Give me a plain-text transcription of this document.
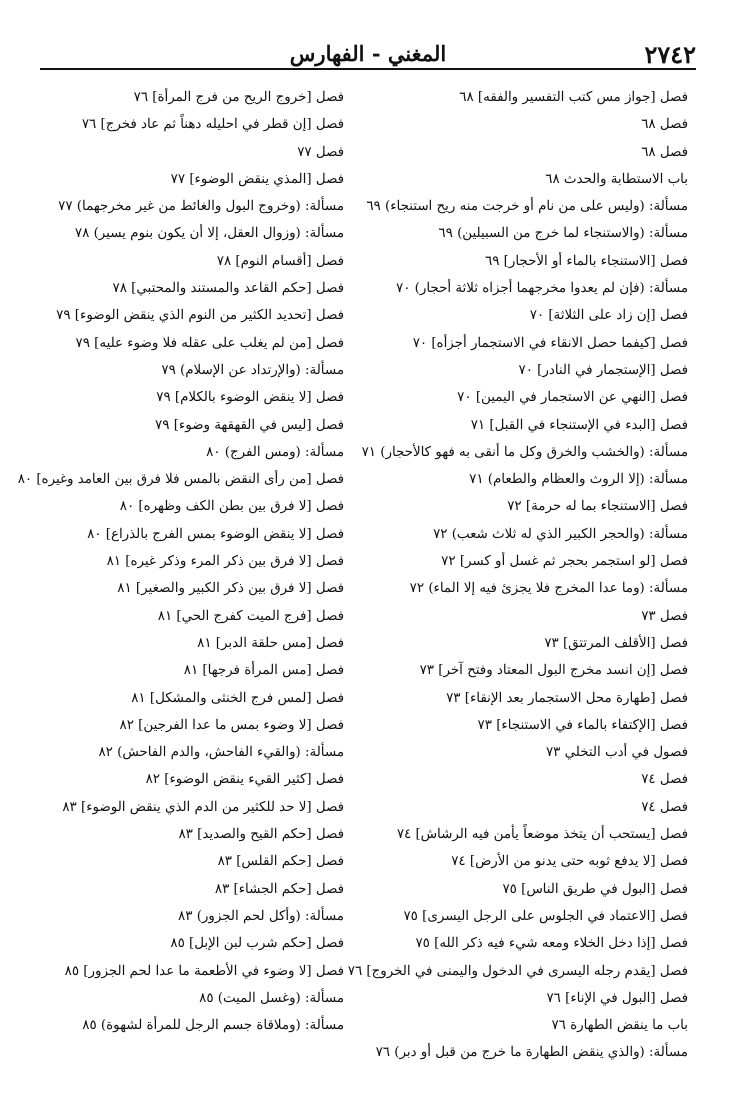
٢٧٤٢
المغني - الفهارس
فصل [جواز مس كتب التفسير والفقه] ٦٨
فصل ٦٨
فصل ٦٨
باب الاستطابة والحدث ٦٨
مسألة: (وليس على من نام أو خرجت منه ريح استنجاء) ٦٩
مسألة: (والاستنجاء لما خرج من السبيلين) ٦٩
فصل [الاستنجاء بالماء أو الأحجار] ٦٩
مسألة: (فإن لم يعدوا مخرجهما أجزاه ثلاثة أحجار) ٧٠
فصل [إن زاد على الثلاثة] ٧٠
فصل [كيفما حصل الانقاء في الاستجمار أجزأه] ٧٠
فصل [الإستجمار في النادر] ٧٠
فصل [النهي عن الاستجمار في اليمين] ٧٠
فصل [البدء في الإستنجاء في القبل] ٧١
مسألة: (والخشب والخرق وكل ما أنقى به فهو كالأحجار) ٧١
مسألة: (إلا الروث والعظام والطعام) ٧١
فصل [الاستنجاء بما له حرمة] ٧٢
مسألة: (والحجر الكبير الذي له ثلاث شعب) ٧٢
فصل [لو استجمر بحجر ثم غسل أو كسر] ٧٢
مسألة: (وما عدا المخرج فلا يجزئ فيه إلا الماء) ٧٢
فصل ٧٣
فصل [الأقلف المرتتق] ٧٣
فصل [إن انسد مخرج البول المعتاد وفتح آخر] ٧٣
فصل [طهارة محل الاستجمار بعد الإنقاء] ٧٣
فصل [الإكتفاء بالماء في الاستنجاء] ٧٣
فصول في أدب التخلي ٧٣
فصل ٧٤
فصل ٧٤
فصل [يستحب أن يتخذ موضعاً يأمن فيه الرشاش] ٧٤
فصل [لا يدفع ثوبه حتى يدنو من الأرض] ٧٤
فصل [البول في طريق الناس] ٧٥
فصل [الاعتماد في الجلوس على الرجل اليسرى] ٧٥
فصل [إذا دخل الخلاء ومعه شيء فيه ذكر الله] ٧٥
فصل [يقدم رجله اليسرى في الدخول واليمنى في الخروج] ٧٦
فصل [البول في الإناء] ٧٦
باب ما ينقض الطهارة ٧٦
مسألة: (والذي ينقض الطهارة ما خرج من قبل أو دبر) ٧٦
فصل [خروج الريح من فرج المرأة] ٧٦
فصل [إن قطر في احليله دهناً ثم عاد فخرج] ٧٦
فصل ٧٧
فصل [المذي ينقض الوضوء] ٧٧
مسألة: (وخروج البول والغائط من غير مخرجهما) ٧٧
مسألة: (وزوال العقل، إلا أن يكون بنوم يسير) ٧٨
فصل [أقسام النوم] ٧٨
فصل [حكم القاعد والمستند والمحتبي] ٧٨
فصل [تحديد الكثير من النوم الذي ينقض الوضوء] ٧٩
فصل [من لم يغلب على عقله فلا وضوء عليه] ٧٩
مسألة: (والإرتداد عن الإسلام) ٧٩
فصل [لا ينقض الوضوء بالكلام] ٧٩
فصل [ليس في القهقهة وضوء] ٧٩
مسألة: (ومس الفرج) ٨٠
فصل [من رأى النقض بالمس فلا فرق بين العامد وغيره] ٨٠
فصل [لا فرق بين بطن الكف وظهره] ٨٠
فصل [لا ينقض الوضوء بمس الفرج بالذراع] ٨٠
فصل [لا فرق بين ذكر المرء وذكر غيره] ٨١
فصل [لا فرق بين ذكر الكبير والصغير] ٨١
فصل [فرج الميت كفرج الحي] ٨١
فصل [مس حلقة الدبر] ٨١
فصل [مس المرأة فرجها] ٨١
فصل [لمس فرج الخنثى والمشكل] ٨١
فصل [لا وضوء بمس ما عدا الفرجين] ٨٢
مسألة: (والقيء الفاحش، والدم الفاحش) ٨٢
فصل [كثير القيء ينقض الوضوء] ٨٢
فصل [لا حد للكثير من الدم الذي ينقض الوضوء] ٨٣
فصل [حكم القيح والصديد] ٨٣
فصل [حكم القلس] ٨٣
فصل [حكم الجشاء] ٨٣
مسألة: (وأكل لحم الجزور) ٨٣
فصل [حكم شرب لبن الإبل] ٨٥
فصل [لا وضوء في الأطعمة ما عدا لحم الجزور] ٨٥
مسألة: (وغسل الميت) ٨٥
مسألة: (وملاقاة جسم الرجل للمرأة لشهوة) ٨٥
